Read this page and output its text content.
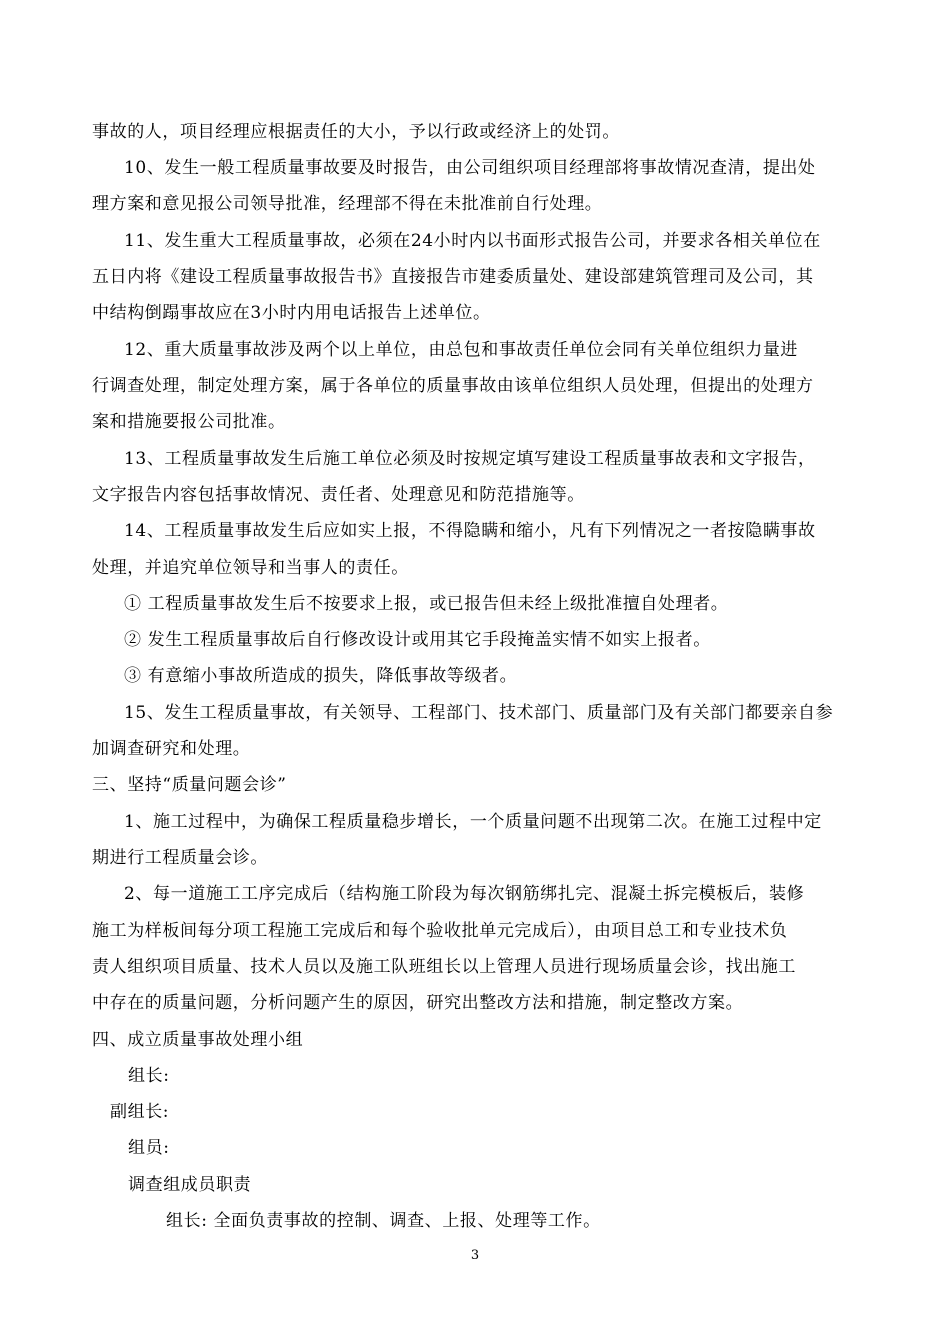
事故的人，项目经理应根据责任的大小，予以行政或经济上的处罚。
10、发生一般工程质量事故要及时报告，由公司组织项目经理部将事故情况查清，提出处
理方案和意见报公司领导批准，经理部不得在未批准前自行处理。
11、发生重大工程质量事故，必须在24小时内以书面形式报告公司，并要求各相关单位在
五日内将《建设工程质量事故报告书》直接报告市建委质量处、建设部建筑管理司及公司，其
中结构倒蹋事故应在3小时内用电话报告上述单位。
12、重大质量事故涉及两个以上单位，由总包和事故责任单位会同有关单位组织力量进
行调查处理，制定处理方案，属于各单位的质量事故由该单位组织人员处理，但提出的处理方
案和措施要报公司批准。
13、工程质量事故发生后施工单位必须及时按规定填写建设工程质量事故表和文字报告，
文字报告内容包括事故情况、责任者、处理意见和防范措施等。
14、工程质量事故发生后应如实上报，不得隐瞒和缩小，凡有下列情况之一者按隐瞒事故
处理，并追究单位领导和当事人的责任。
① 工程质量事故发生后不按要求上报，或已报告但未经上级批准擅自处理者。
② 发生工程质量事故后自行修改设计或用其它手段掩盖实情不如实上报者。
③ 有意缩小事故所造成的损失，降低事故等级者。
15、发生工程质量事故，有关领导、工程部门、技术部门、质量部门及有关部门都要亲自参
加调查研究和处理。
三、坚持“质量问题会诊”
1、施工过程中，为确保工程质量稳步增长，一个质量问题不出现第二次。在施工过程中定
期进行工程质量会诊。
2、每一道施工工序完成后（结构施工阶段为每次钢筋绑扎完、混凝土拆完模板后，装修
施工为样板间每分项工程施工完成后和每个验收批单元完成后），由项目总工和专业技术负
责人组织项目质量、技术人员以及施工队班组长以上管理人员进行现场质量会诊，找出施工
中存在的质量问题，分析问题产生的原因，研究出整改方法和措施，制定整改方案。
四、成立质量事故处理小组
组长:
副组长:
组员:
调查组成员职责
组长: 全面负责事故的控制、调查、上报、处理等工作。
3
